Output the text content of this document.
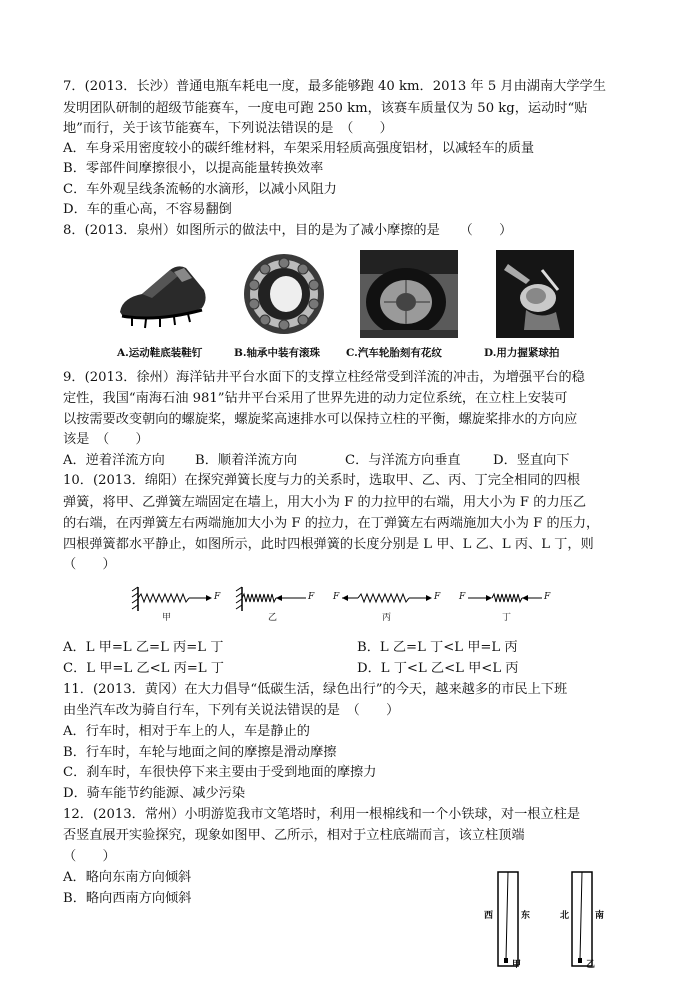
7．(2013．长沙）普通电瓶车耗电一度，最多能够跑 40 km．2013 年 5 月由湖南大学学生
发明团队研制的超级节能赛车，一度电可跑 250 km，该赛车质量仅为 50 kg，运动时“贴
地”而行，关于该节能赛车，下列说法错误的是　（　　）
A．车身采用密度较小的碳纤维材料，车架采用轻质高强度铝材，以减轻车的质量
B．零部件间摩擦很小，以提高能量转换效率
C．车外观呈线条流畅的水滴形，以减小风阻力
D．车的重心高，不容易翻倒
8．(2013．泉州）如图所示的做法中，目的是为了减小摩擦的是　　（　　）
A.运动鞋底装鞋钉	B.轴承中装有滚珠 C.汽车轮胎刻有花纹	D.用力握紧球拍
9．(2013．徐州）海洋钻井平台水面下的支撑立柱经常受到洋流的冲击，为增强平台的稳
定性，我国“南海石油 981”钻井平台采用了世界先进的动力定位系统，在立柱上安装可
以按需要改变朝向的螺旋桨，螺旋桨高速排水可以保持立柱的平衡，螺旋桨排水的方向应
该是　（　　）
A．逆着洋流方向 B．顺着洋流方向	C．与洋流方向垂直 D．竖直向下
10．(2013．绵阳）在探究弹簧长度与力的关系时，选取甲、乙、丙、丁完全相同的四根
弹簧，将甲、乙弹簧左端固定在墙上，用大小为 F 的力拉甲的右端，用大小为 F 的力压乙
的右端，在丙弹簧左右两端施加大小为 F 的拉力，在丁弹簧左右两端施加大小为 F 的压力，
四根弹簧都水平静止，如图所示，此时四根弹簧的长度分别是 L 甲、L 乙、L 丙、L 丁，则
（　　）
F	F F	F F	F
甲	乙	丙	丁
A．L 甲=L 乙=L 丙=L 丁	B．L 乙=L 丁<L 甲=L 丙
C．L 甲=L 乙<L 丙=L 丁	D．L 丁<L 乙<L 甲<L 丙
11．(2013．黄冈）在大力倡导“低碳生活，绿色出行”的今天，越来越多的市民上下班
由坐汽车改为骑自行车，下列有关说法错误的是　（　　）
A．行车时，相对于车上的人，车是静止的
B．行车时，车轮与地面之间的摩擦是滑动摩擦
C．刹车时，车很快停下来主要由于受到地面的摩擦力
D．骑车能节约能源、减少污染
12．(2013．常州）小明游览我市文笔塔时，利用一根棉线和一个小铁球，对一根立柱是
否竖直展开实验探究，现象如图甲、乙所示，相对于立柱底端而言，该立柱顶端
（　　）
A．略向东南方向倾斜
B．略向西南方向倾斜
西	东	北	南
甲	乙
